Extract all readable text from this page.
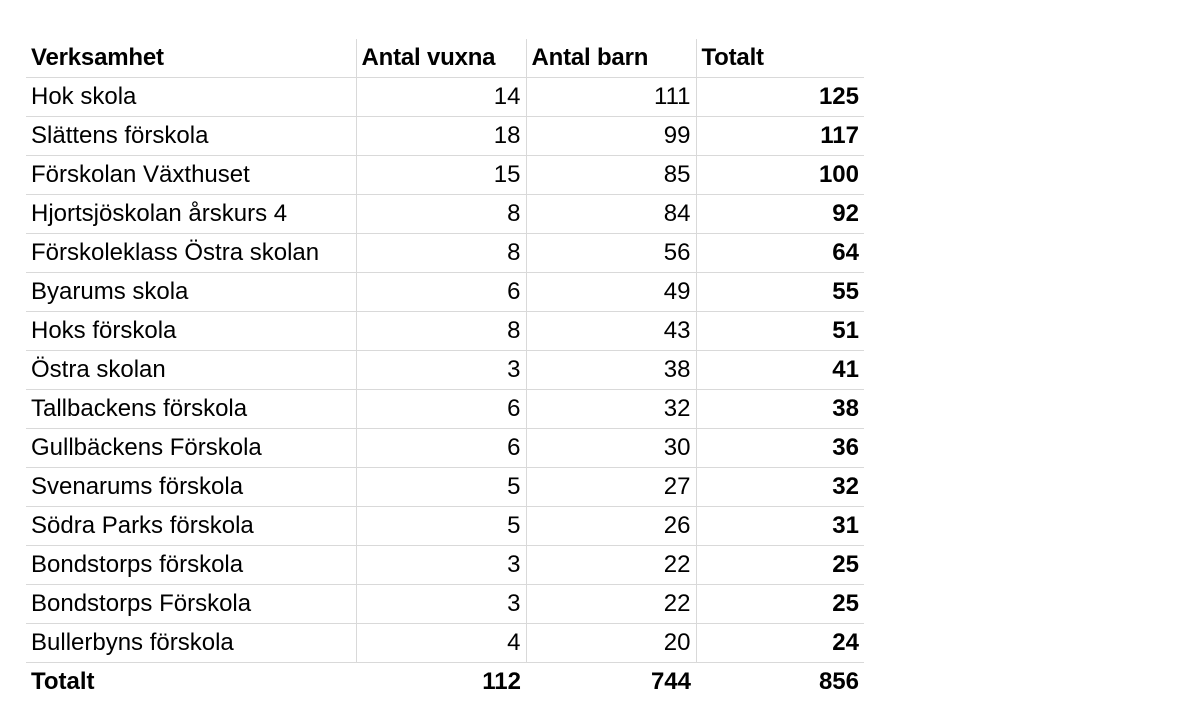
Verksamhet	Antal vuxna	Antal barn	Totalt
Hok skola	14	111	125
Slättens förskola	18	99	117
Förskolan Växthuset	15	85	100
Hjortsjöskolan årskurs 4	8	84	92
Förskoleklass Östra skolan	8	56	64
Byarums skola	6	49	55
Hoks förskola	8	43	51
Östra skolan	3	38	41
Tallbackens förskola	6	32	38
Gullbäckens Förskola	6	30	36
Svenarums förskola	5	27	32
Södra Parks förskola	5	26	31
Bondstorps förskola	3	22	25
Bondstorps Förskola	3	22	25
Bullerbyns förskola	4	20	24
Totalt	112	744	856
